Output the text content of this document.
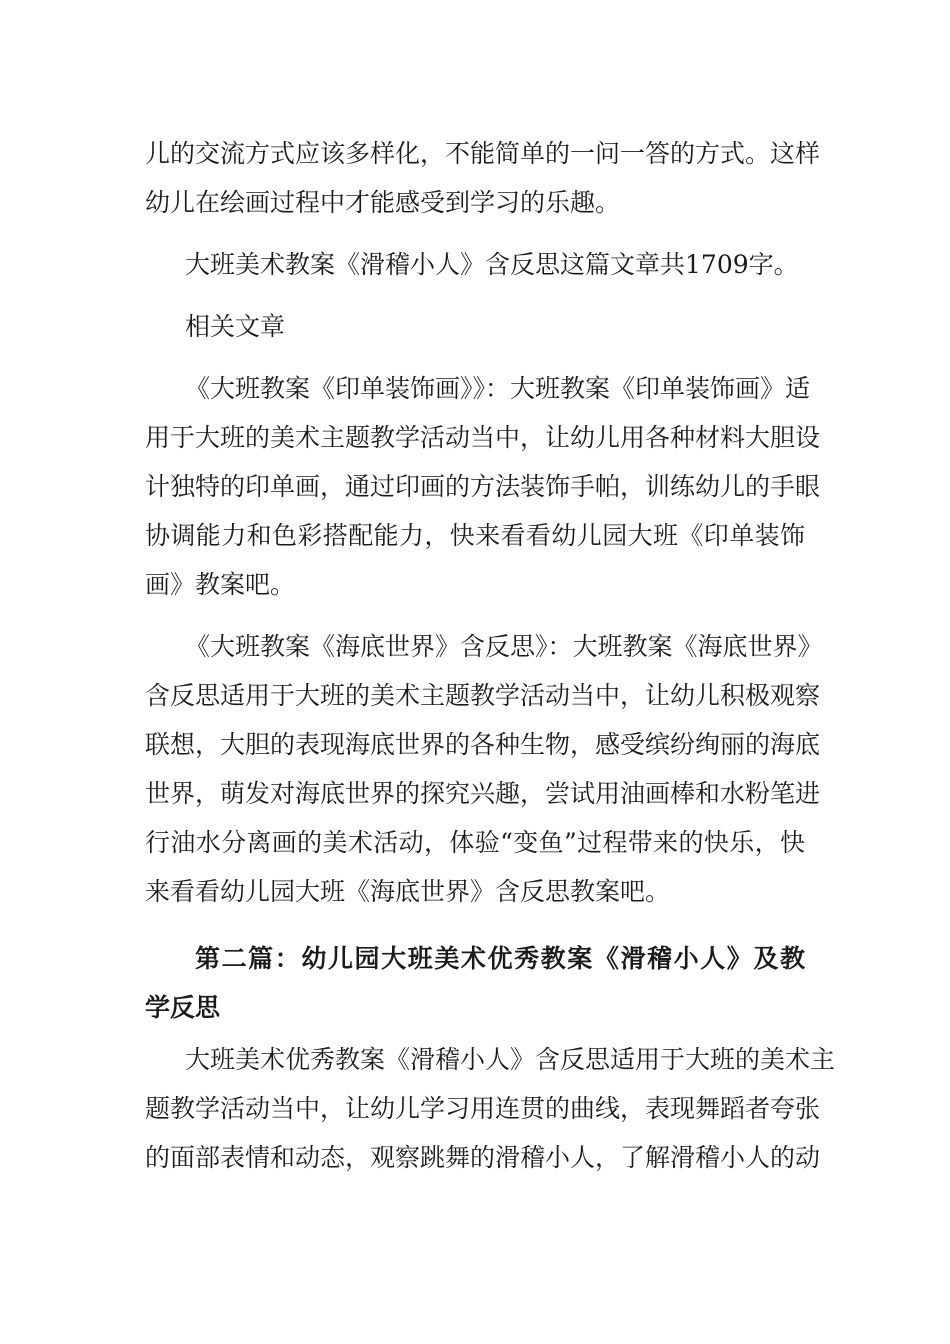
儿的交流方式应该多样化，不能简单的一问一答的方式。这样
幼儿在绘画过程中才能感受到学习的乐趣。
大班美术教案《滑稽小人》含反思这篇文章共1709字。
相关文章
《大班教案《印单装饰画》》：大班教案《印单装饰画》适
用于大班的美术主题教学活动当中，让幼儿用各种材料大胆设
计独特的印单画，通过印画的方法装饰手帕，训练幼儿的手眼
协调能力和色彩搭配能力，快来看看幼儿园大班《印单装饰
画》教案吧。
《大班教案《海底世界》含反思》：大班教案《海底世界》
含反思适用于大班的美术主题教学活动当中，让幼儿积极观察
联想，大胆的表现海底世界的各种生物，感受缤纷绚丽的海底
世界，萌发对海底世界的探究兴趣，尝试用油画棒和水粉笔进
行油水分离画的美术活动，体验“变鱼”过程带来的快乐，快
来看看幼儿园大班《海底世界》含反思教案吧。
第二篇：幼儿园大班美术优秀教案《滑稽小人》及教
学反思
大班美术优秀教案《滑稽小人》含反思适用于大班的美术主
题教学活动当中，让幼儿学习用连贯的曲线，表现舞蹈者夸张
的面部表情和动态，观察跳舞的滑稽小人，了解滑稽小人的动
